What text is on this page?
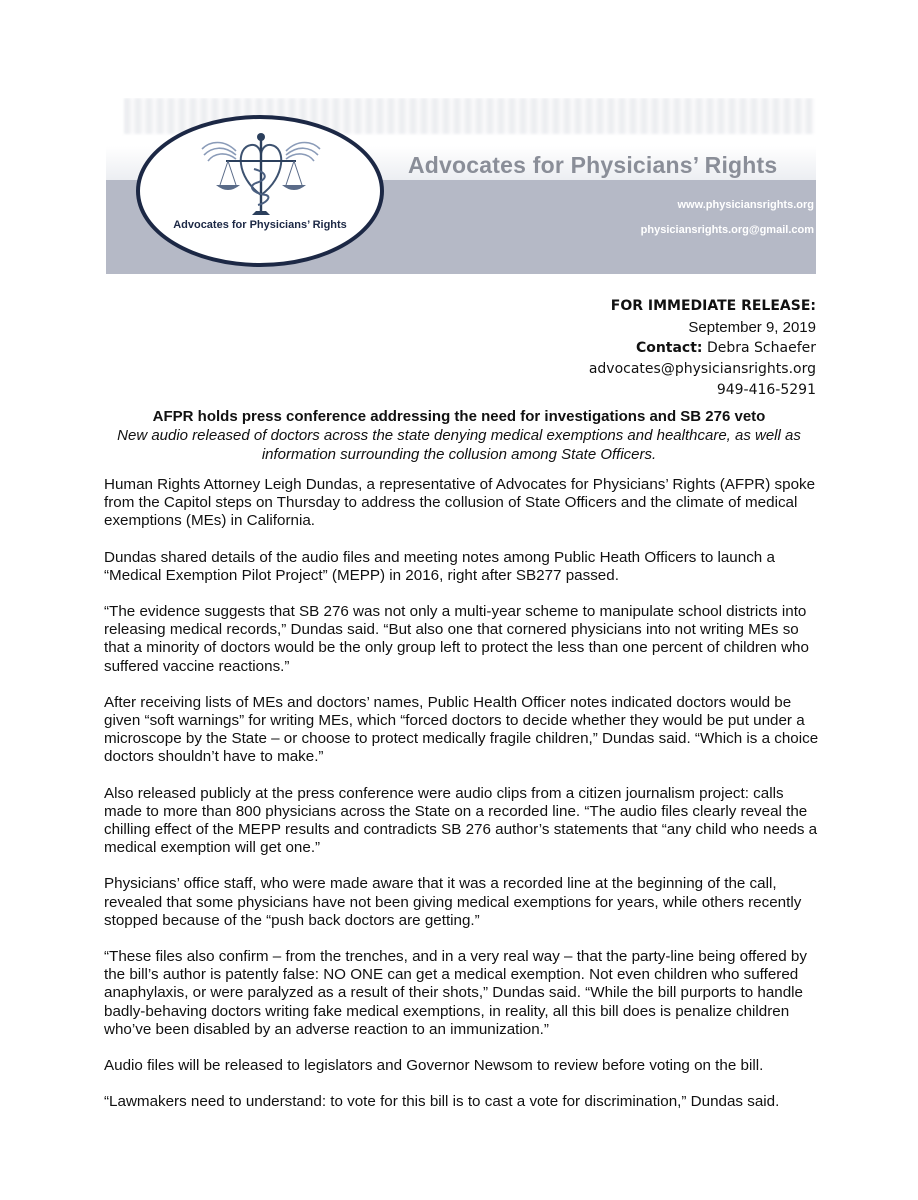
Advocates for Physicians’ Rights
www.physiciansrights.org
physiciansrights.org@gmail.com
Advocates for Physicians’ Rights
FOR IMMEDIATE RELEASE:
September 9, 2019
Contact: Debra Schaefer
advocates@physiciansrights.org
949-416-5291
AFPR holds press conference addressing the need for investigations and SB 276 veto
New audio released of doctors across the state denying medical exemptions and healthcare, as well as information surrounding the collusion among State Officers.

Human Rights Attorney Leigh Dundas, a representative of Advocates for Physicians’ Rights (AFPR) spoke from the Capitol steps on Thursday to address the collusion of State Officers and the climate of medical exemptions (MEs) in California.

Dundas shared details of the audio files and meeting notes among Public Heath Officers to launch a “Medical Exemption Pilot Project” (MEPP) in 2016, right after SB277 passed.

“The evidence suggests that SB 276 was not only a multi-year scheme to manipulate school districts into releasing medical records,” Dundas said. “But also one that cornered physicians into not writing MEs so that a minority of doctors would be the only group left to protect the less than one percent of children who suffered vaccine reactions.”

After receiving lists of MEs and doctors’ names, Public Health Officer notes indicated doctors would be given “soft warnings” for writing MEs, which “forced doctors to decide whether they would be put under a microscope by the State – or choose to protect medically fragile children,” Dundas said. “Which is a choice doctors shouldn’t have to make.”

Also released publicly at the press conference were audio clips from a citizen journalism project: calls made to more than 800 physicians across the State on a recorded line. “The audio files clearly reveal the chilling effect of the MEPP results and contradicts SB 276 author’s statements that “any child who needs a medical exemption will get one.”

Physicians’ office staff, who were made aware that it was a recorded line at the beginning of the call, revealed that some physicians have not been giving medical exemptions for years, while others recently stopped because of the “push back doctors are getting.”

“These files also confirm – from the trenches, and in a very real way – that the party-line being offered by the bill’s author is patently false: NO ONE can get a medical exemption. Not even children who suffered anaphylaxis, or were paralyzed as a result of their shots,” Dundas said. “While the bill purports to handle badly-behaving doctors writing fake medical exemptions, in reality, all this bill does is penalize children who’ve been disabled by an adverse reaction to an immunization.”

Audio files will be released to legislators and Governor Newsom to review before voting on the bill.

“Lawmakers need to understand: to vote for this bill is to cast a vote for discrimination,” Dundas said.
